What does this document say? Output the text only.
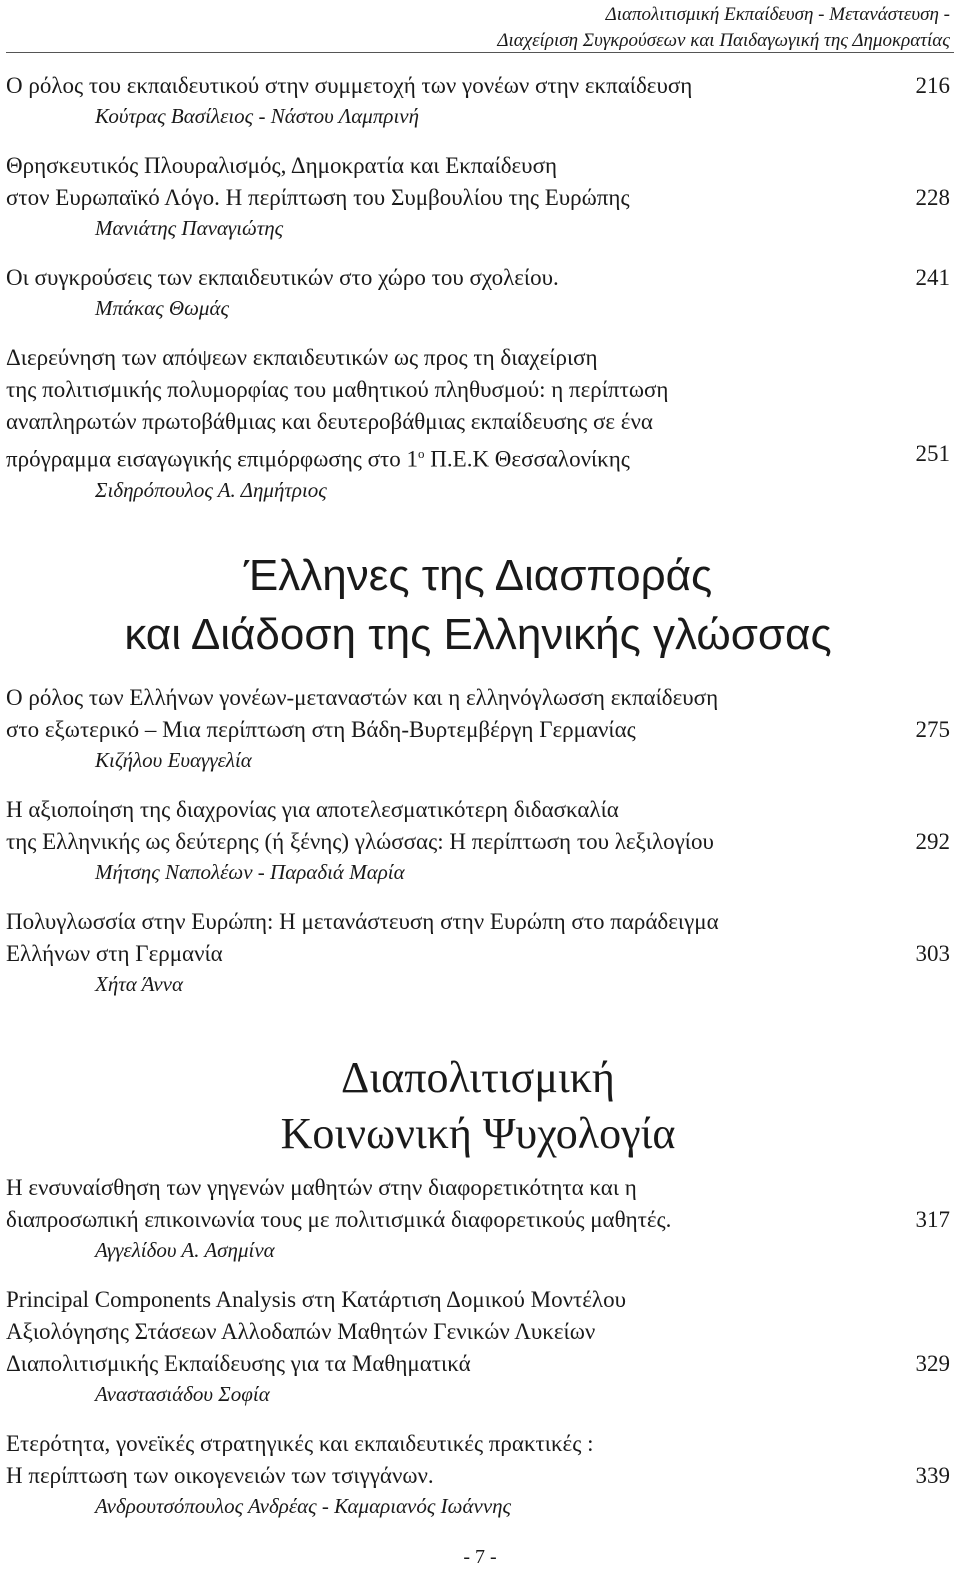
Διαπολιτισμική Εκπαίδευση - Μετανάστευση -
Διαχείριση Συγκρούσεων και Παιδαγωγική της Δημοκρατίας
Ο ρόλος του εκπαιδευτικού στην συμμετοχή των γονέων στην εκπαίδευση	216
Κούτρας Βασίλειος - Νάστου Λαμπρινή
Θρησκευτικός Πλουραλισμός, Δημοκρατία και Εκπαίδευση
στον Ευρωπαϊκό Λόγο. Η περίπτωση του Συμβουλίου της Ευρώπης	228
Μανιάτης Παναγιώτης
Οι συγκρούσεις των εκπαιδευτικών στο χώρο του σχολείου.	241
Μπάκας Θωμάς
Διερεύνηση των απόψεων εκπαιδευτικών ως προς τη διαχείριση
της πολιτισμικής πολυμορφίας του μαθητικού πληθυσμού: η περίπτωση
αναπληρωτών πρωτοβάθμιας και δευτεροβάθμιας εκπαίδευσης σε ένα
πρόγραμμα εισαγωγικής επιμόρφωσης στο $1^o$ Π.Ε.Κ Θεσσαλονίκης	251
Σιδηρόπουλος Α. Δημήτριος
Έλληνες της Διασποράς
και Διάδοση της Ελληνικής γλώσσας
Ο ρόλος των Ελλήνων γονέων-μεταναστών και η ελληνόγλωσση εκπαίδευση
στο εξωτερικό – Μια περίπτωση στη Βάδη-Βυρτεμβέργη Γερμανίας	275
Κιζήλου Ευαγγελία
Η αξιοποίηση της διαχρονίας για αποτελεσματικότερη διδασκαλία
της Ελληνικής ως δεύτερης (ή ξένης) γλώσσας: Η περίπτωση του λεξιλογίου	292
Μήτσης Ναπολέων - Παραδιά Μαρία
Πολυγλωσσία στην Ευρώπη: Η μετανάστευση στην Ευρώπη στο παράδειγμα
Ελλήνων στη Γερμανία	303
Χήτα Άννα
Διαπολιτισμική
Κοινωνική Ψυχολογία
Η ενσυναίσθηση των γηγενών μαθητών στην διαφορετικότητα και η
διαπροσωπική επικοινωνία τους με πολιτισμικά διαφορετικούς μαθητές.	317
Αγγελίδου Α. Ασημίνα
Principal Components Analysis στη Κατάρτιση Δομικού Μοντέλου
Αξιολόγησης Στάσεων Αλλοδαπών Μαθητών Γενικών Λυκείων
Διαπολιτισμικής Εκπαίδευσης για τα Μαθηματικά	329
Αναστασιάδου Σοφία
Ετερότητα, γονεϊκές στρατηγικές και εκπαιδευτικές πρακτικές :
Η περίπτωση των οικογενειών των τσιγγάνων.	339
Ανδρουτσόπουλος Ανδρέας - Καμαριανός Ιωάννης
- 7 -
